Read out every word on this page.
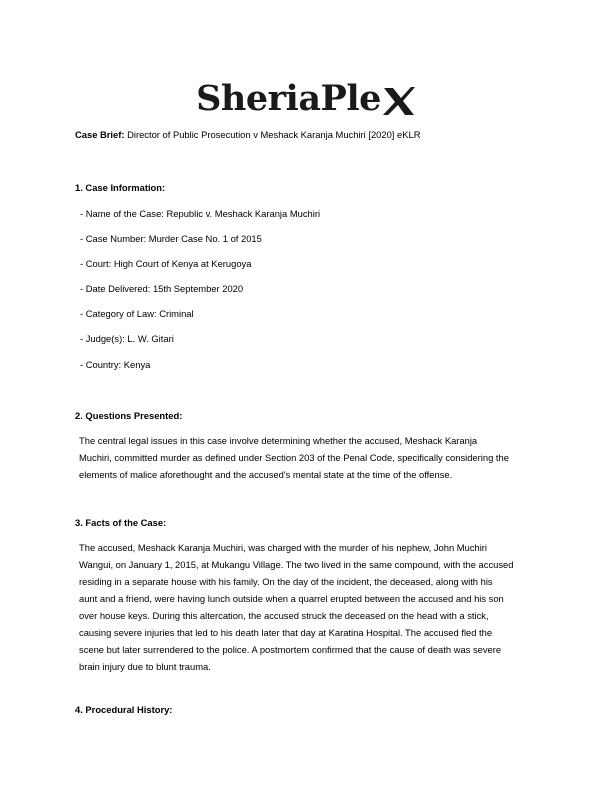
SheriaPle
Case Brief: Director of Public Prosecution v Meshack Karanja Muchiri [2020] eKLR
1. Case Information:
- Name of the Case: Republic v. Meshack Karanja Muchiri
- Case Number: Murder Case No. 1 of 2015
- Court: High Court of Kenya at Kerugoya
- Date Delivered: 15th September 2020
- Category of Law: Criminal
- Judge(s): L. W. Gitari
- Country: Kenya
2. Questions Presented:
The central legal issues in this case involve determining whether the accused, Meshack Karanja
Muchiri, committed murder as defined under Section 203 of the Penal Code, specifically considering the
elements of malice aforethought and the accused's mental state at the time of the offense.
3. Facts of the Case:
The accused, Meshack Karanja Muchiri, was charged with the murder of his nephew, John Muchiri
Wangui, on January 1, 2015, at Mukangu Village. The two lived in the same compound, with the accused
residing in a separate house with his family. On the day of the incident, the deceased, along with his
aunt and a friend, were having lunch outside when a quarrel erupted between the accused and his son
over house keys. During this altercation, the accused struck the deceased on the head with a stick,
causing severe injuries that led to his death later that day at Karatina Hospital. The accused fled the
scene but later surrendered to the police. A postmortem confirmed that the cause of death was severe
brain injury due to blunt trauma.
4. Procedural History:
